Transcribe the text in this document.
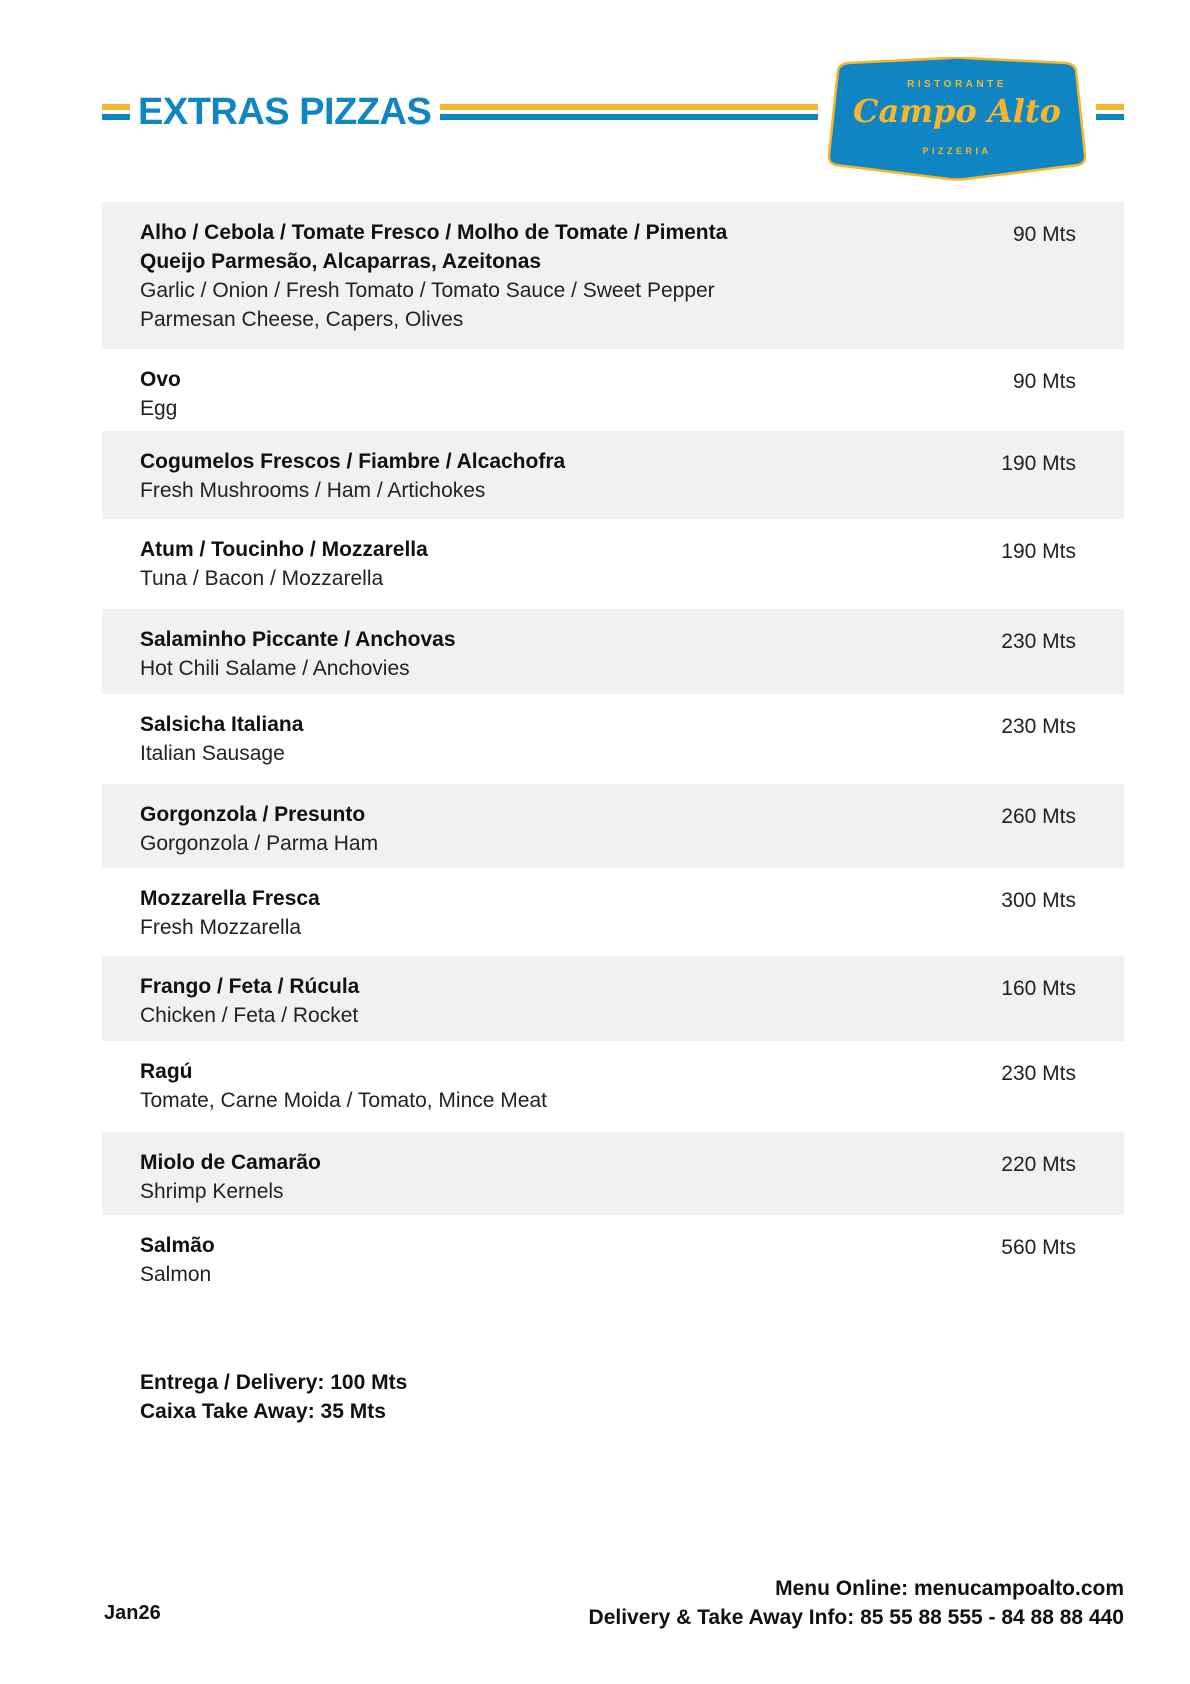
EXTRAS PIZZAS
RISTORANTE
Campo Alto
PIZZERIA
Alho / Cebola / Tomate Fresco / Molho de Tomate / Pimenta
Queijo Parmesão, Alcaparras, Azeitonas
Garlic / Onion / Fresh Tomato / Tomato Sauce / Sweet Pepper
Parmesan Cheese, Capers, Olives
90 Mts
Ovo
Egg
90 Mts
Cogumelos Frescos / Fiambre / Alcachofra
Fresh Mushrooms / Ham / Artichokes
190 Mts
Atum / Toucinho / Mozzarella
Tuna / Bacon / Mozzarella
190 Mts
Salaminho Piccante / Anchovas
Hot Chili Salame / Anchovies
230 Mts
Salsicha Italiana
Italian Sausage
230 Mts
Gorgonzola / Presunto
Gorgonzola / Parma Ham
260 Mts
Mozzarella Fresca
Fresh Mozzarella
300 Mts
Frango / Feta / Rúcula
Chicken / Feta / Rocket
160 Mts
Ragú
Tomate, Carne Moida / Tomato, Mince Meat
230 Mts
Miolo de Camarão
Shrimp Kernels
220 Mts
Salmão
Salmon
560 Mts
Entrega / Delivery: 100 Mts
Caixa Take Away: 35 Mts
Jan26
Menu Online: menucampoalto.com
Delivery & Take Away Info: 85 55 88 555 - 84 88 88 440
